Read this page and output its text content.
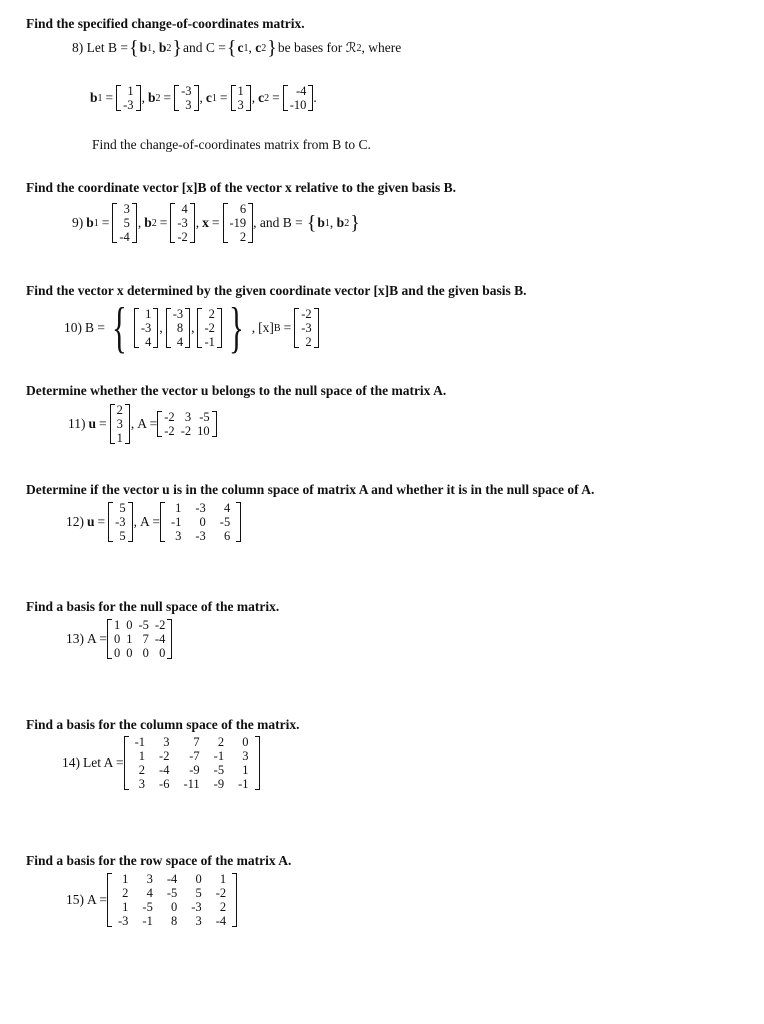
Find the specified change-of-coordinates matrix.
8)
Let B = { b 1 , b 2 } and C = { c 1 , c 2 } be bases for
ℛ 2 , where
b 1 = 1
-3 , b 2 = -3
3 , c 1 = 1
3 , c 2 = -4
-10 .
Find the change-of-coordinates matrix from B to C.
Find the coordinate vector [x]B of the vector x relative to the given basis B.
9) b 1 =
3
5
-4
, b 2 =
4
-3
-2
, x =
6
-19
2
, and B = { b 1 , b 2 }
Find the vector x determined by the given coordinate vector [x]B and the given basis B.
10) B = { 1
-3
4
,
-3
8
4
,
2
-2
-1 } , [x] B =
-2
-3
2
Determine whether the vector u belongs to the null space of the matrix A.
11) u =
2
3
1
, A = -2	3	-5
-2	-2	10
Determine if the vector u is in the column space of matrix A and whether it is in the null space of A.
12) u =
5
-3
5
, A =
1	-3	4
-1	0	-5
3	-3	6
Find a basis for the null space of the matrix.
13) A =
1	0	-5	-2
0	1	7	-4
0	0	0	0
Find a basis for the column space of the matrix.
14) Let A =
-1	3	7	2	0
1	-2	-7	-1	3
2	-4	-9	-5	1
3	-6	-11	-9	-1
Find a basis for the row space of the matrix A.
15) A =
1	3	-4	0	1
2	4	-5	5	-2
1	-5	0	-3	2
-3	-1	8	3	-4
